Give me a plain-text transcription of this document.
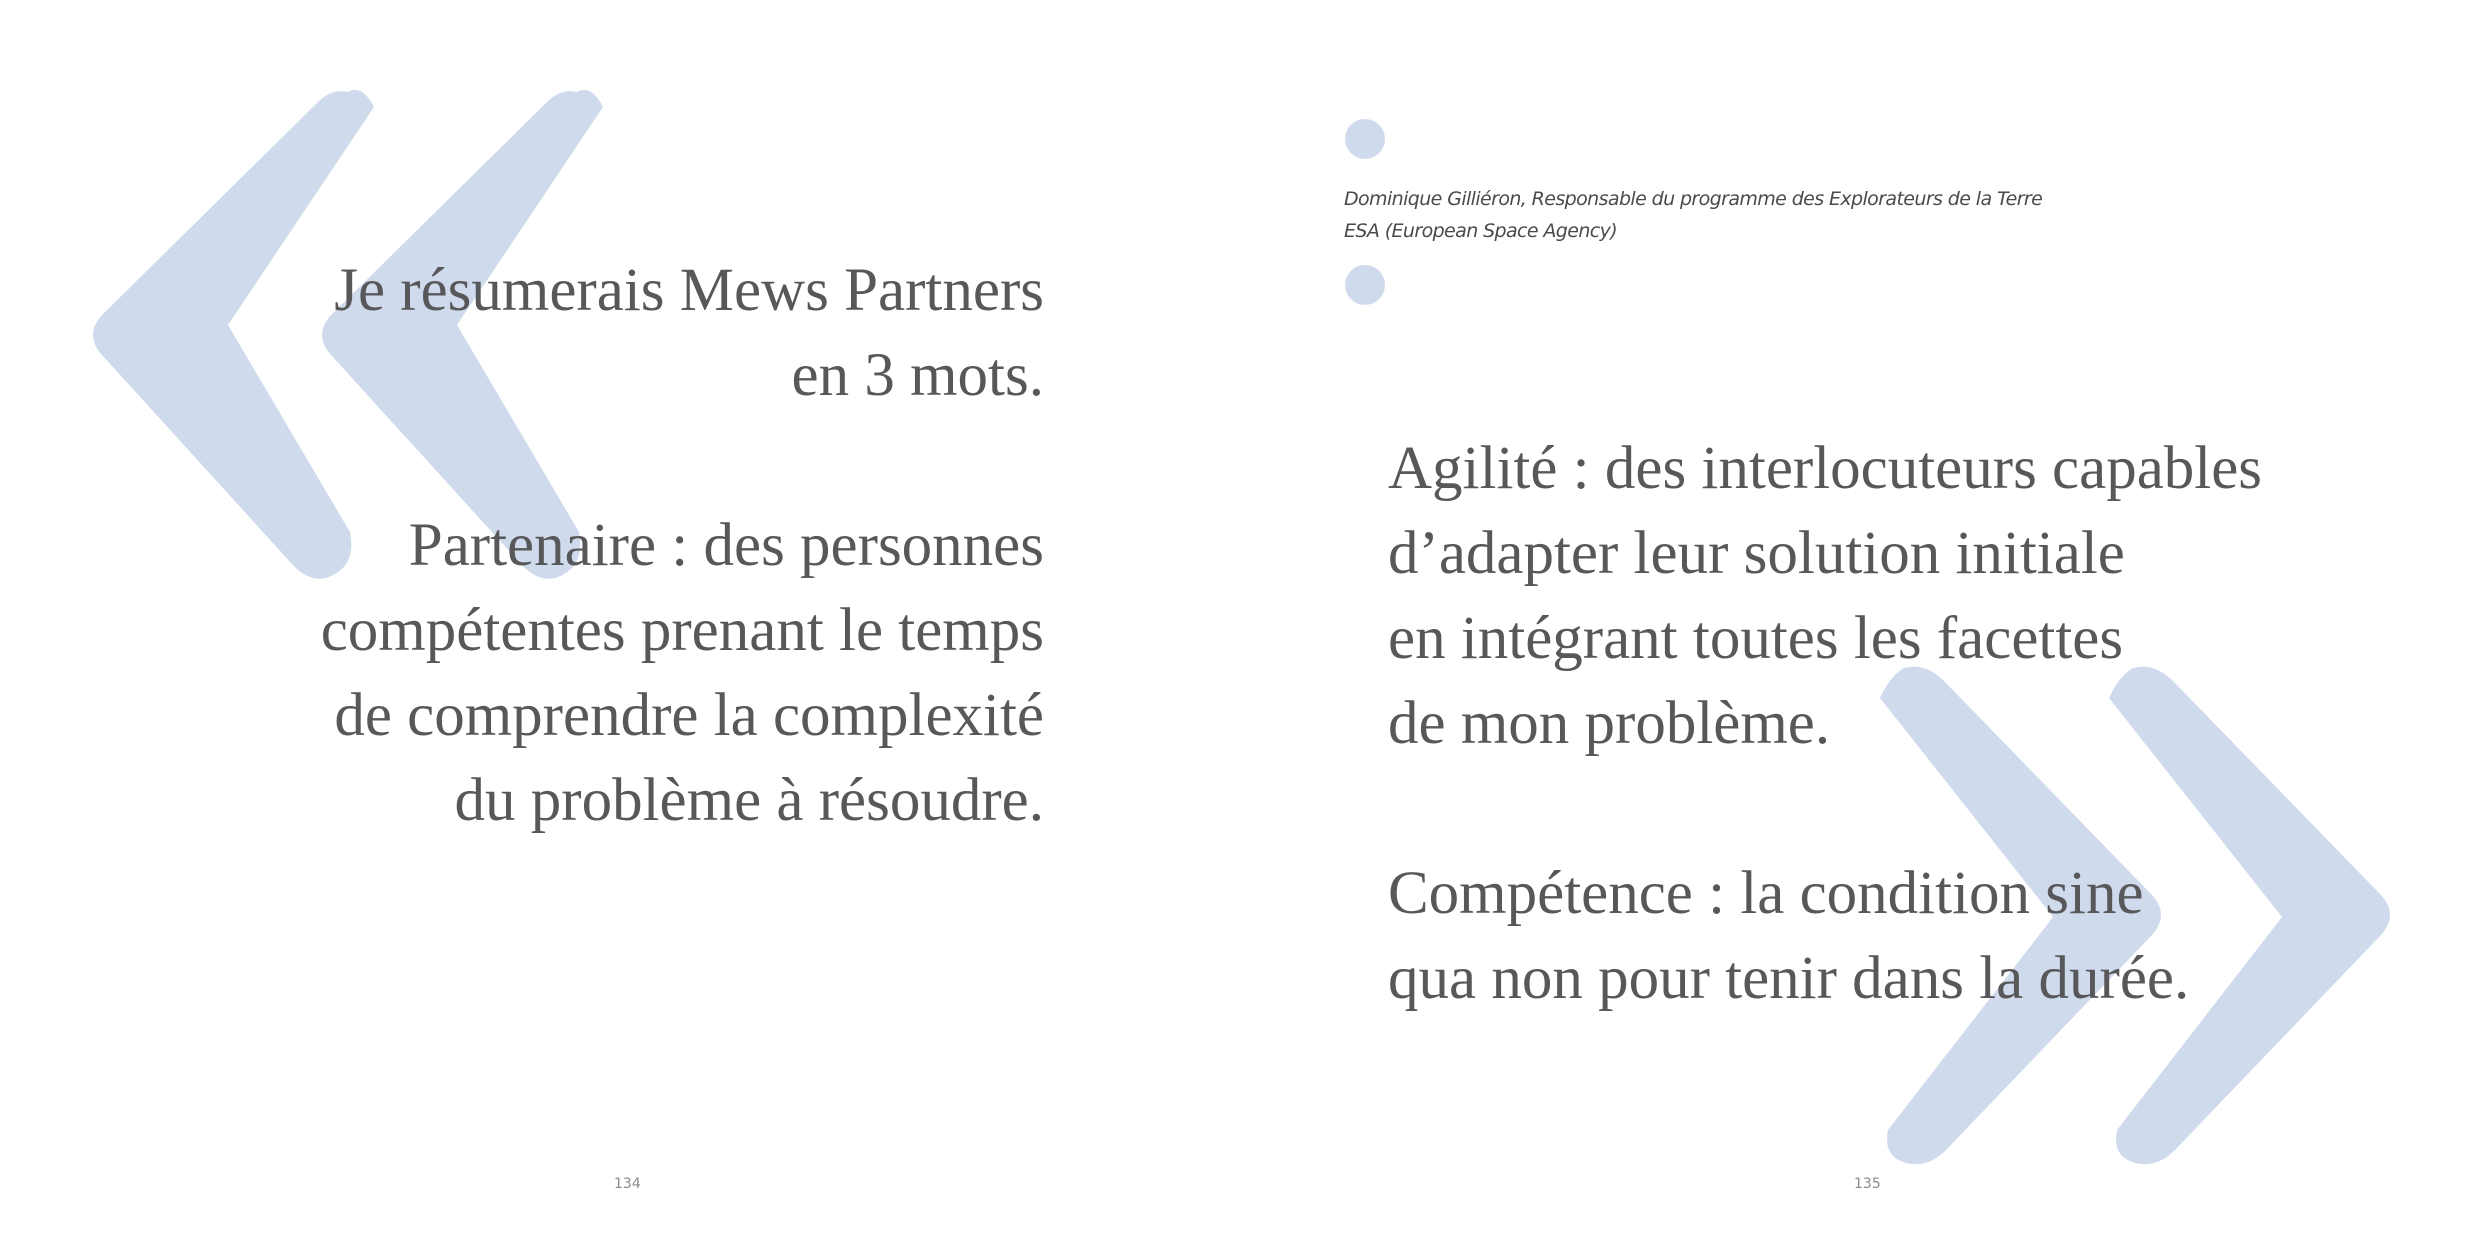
Je résumerais Mews Partners
en 3 mots.

Partenaire : des personnes
compétentes prenant le temps
de comprendre la complexité
du problème à résoudre.

134
Dominique Gilliéron, Responsable du programme des Explorateurs de la Terre
ESA (European Space Agency)

Agilité : des interlocuteurs capables
d’adapter leur solution initiale
en intégrant toutes les facettes
de mon problème.

Compétence : la condition sine
qua non pour tenir dans la durée.

135
